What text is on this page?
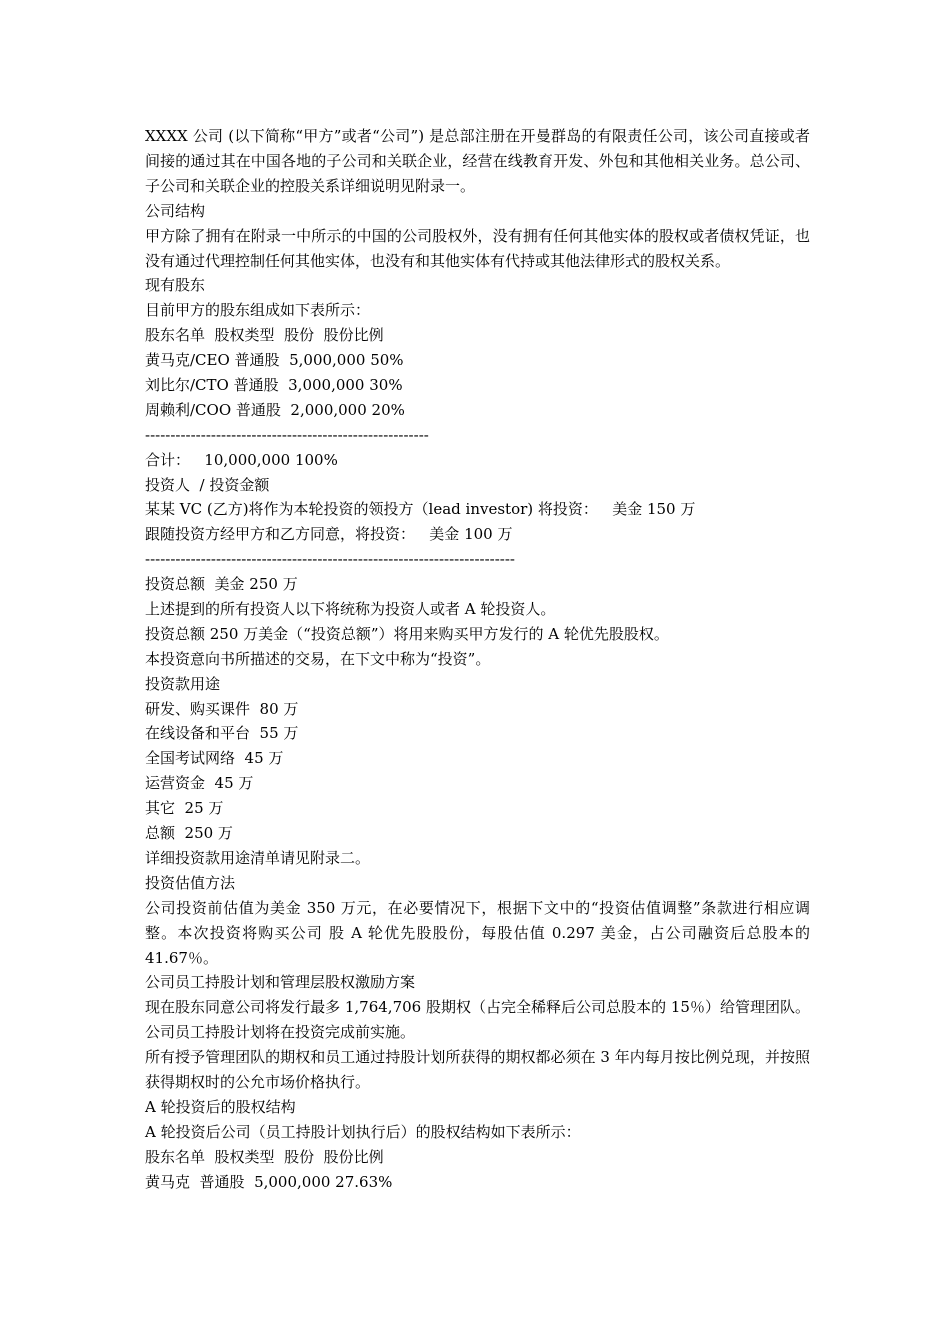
XXXX 公司 (以下简称“甲方”或者“公司”) 是总部注册在开曼群岛的有限责任公司，该公司直接或者间接的通过其在中国各地的子公司和关联企业，经营在线教育开发、外包和其他相关业务。总公司、子公司和关联企业的控股关系详细说明见附录一。
公司结构
甲方除了拥有在附录一中所示的中国的公司股权外，没有拥有任何其他实体的股权或者债权凭证，也没有通过代理控制任何其他实体，也没有和其他实体有代持或其他法律形式的股权关系。
现有股东
目前甲方的股东组成如下表所示：
股东名单  股权类型  股份  股份比例
黄马克/CEO 普通股  5,000,000 50%
刘比尔/CTO 普通股  3,000,000 30%
周赖利/COO 普通股  2,000,000 20%
--------------------------------------------------------
合计：   10,000,000 100%
投资人  / 投资金额
某某 VC (乙方)将作为本轮投资的领投方（lead investor) 将投资：   美金 150 万
跟随投资方经甲方和乙方同意，将投资：   美金 100 万
-------------------------------------------------------------------------
投资总额  美金 250 万
上述提到的所有投资人以下将统称为投资人或者 A 轮投资人。
投资总额 250 万美金（“投资总额”）将用来购买甲方发行的 A 轮优先股股权。
本投资意向书所描述的交易，在下文中称为“投资”。
投资款用途
研发、购买课件  80 万
在线设备和平台  55 万
全国考试网络  45 万
运营资金  45 万
其它  25 万
总额  250 万
详细投资款用途清单请见附录二。
投资估值方法
公司投资前估值为美金 350 万元，在必要情况下，根据下文中的“投资估值调整”条款进行相应调整。本次投资将购买公司 股 A 轮优先股股份，每股估值 0.297 美金，占公司融资后总股本的 41.67％。
公司员工持股计划和管理层股权激励方案
现在股东同意公司将发行最多 1,764,706 股期权（占完全稀释后公司总股本的 15％）给管理团队。公司员工持股计划将在投资完成前实施。
所有授予管理团队的期权和员工通过持股计划所获得的期权都必须在 3 年内每月按比例兑现，并按照获得期权时的公允市场价格执行。
A 轮投资后的股权结构
A 轮投资后公司（员工持股计划执行后）的股权结构如下表所示：
股东名单  股权类型  股份  股份比例
黄马克  普通股  5,000,000 27.63%
